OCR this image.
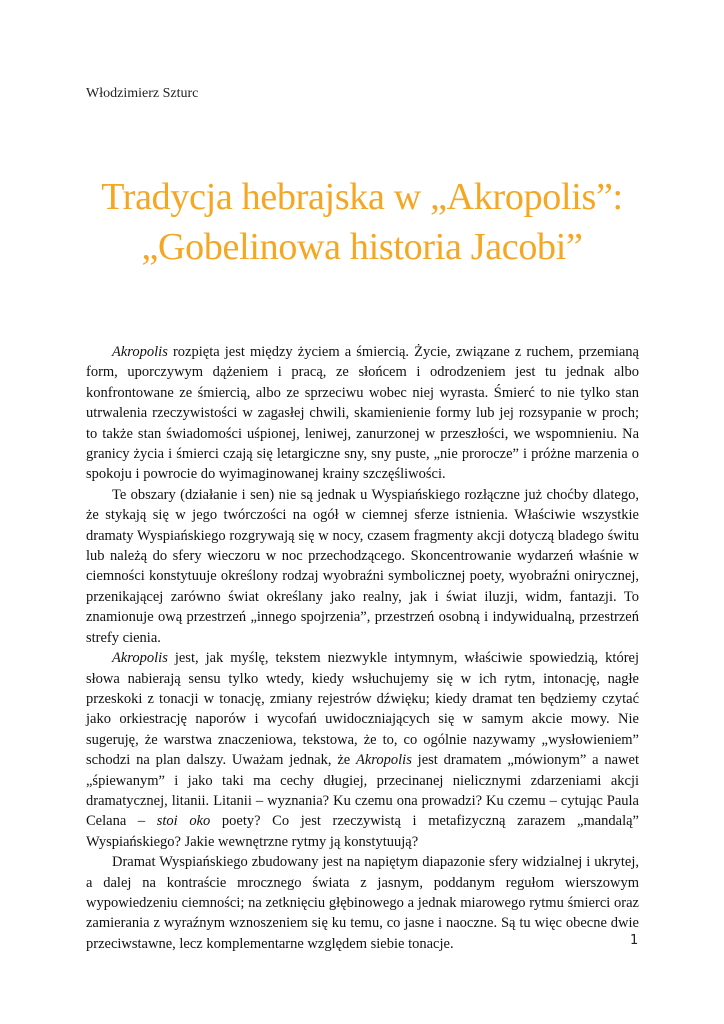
Włodzimierz Szturc
Tradycja hebrajska w „Akropolis”:
„Gobelinowa historia Jacobi”

Akropolis rozpięta jest między życiem a śmiercią. Życie, związane z ruchem, przemianą form, uporczywym dążeniem i pracą, ze słońcem i odrodzeniem jest tu jednak albo konfrontowane ze śmiercią, albo ze sprzeciwu wobec niej wyrasta. Śmierć to nie tylko stan utrwalenia rzeczywistości w zagasłej chwili, skamienienie formy lub jej rozsypanie w proch; to także stan świadomości uśpionej, leniwej, zanurzonej w przeszłości, we wspomnieniu. Na granicy życia i śmierci czają się letargiczne sny, sny puste, „nie prorocze” i próżne marzenia o spokoju i powrocie do wyimaginowanej krainy szczęśliwości.

Te obszary (działanie i sen) nie są jednak u Wyspiańskiego rozłączne już choćby dlatego, że stykają się w jego twórczości na ogół w ciemnej sferze istnienia. Właściwie wszystkie dramaty Wyspiańskiego rozgrywają się w nocy, czasem fragmenty akcji dotyczą bladego świtu lub należą do sfery wieczoru w noc przechodzącego. Skoncentrowanie wydarzeń właśnie w ciemności konstytuuje określony rodzaj wyobraźni symbolicznej poety, wyobraźni onirycznej, przenikającej zarówno świat określany jako realny, jak i świat iluzji, widm, fantazji. To znamionuje ową przestrzeń „innego spojrzenia”, przestrzeń osobną i indywidualną, przestrzeń strefy cienia.

Akropolis jest, jak myślę, tekstem niezwykle intymnym, właściwie spowiedzią, której słowa nabierają sensu tylko wtedy, kiedy wsłuchujemy się w ich rytm, intonację, nagłe przeskoki z tonacji w tonację, zmiany rejestrów dźwięku; kiedy dramat ten będziemy czytać jako orkiestrację naporów i wycofań uwidoczniających się w samym akcie mowy. Nie sugeruję, że warstwa znaczeniowa, tekstowa, że to, co ogólnie nazywamy „wysłowieniem” schodzi na plan dalszy. Uważam jednak, że Akropolis jest dramatem „mówionym” a nawet „śpiewanym” i jako taki ma cechy długiej, przecinanej nielicznymi zdarzeniami akcji dramatycznej, litanii. Litanii – wyznania? Ku czemu ona prowadzi? Ku czemu – cytując Paula Celana – stoi oko poety? Co jest rzeczywistą i metafizyczną zarazem „mandalą” Wyspiańskiego? Jakie wewnętrzne rytmy ją konstytuują?

Dramat Wyspiańskiego zbudowany jest na napiętym diapazonie sfery widzialnej i ukrytej, a dalej na kontraście mrocznego świata z jasnym, poddanym regułom wierszowym wypowiedzeniu ciemności; na zetknięciu głębinowego a jednak miarowego rytmu śmierci oraz zamierania z wyraźnym wznoszeniem się ku temu, co jasne i naoczne. Są tu więc obecne dwie przeciwstawne, lecz komplementarne względem siebie tonacje.	1
